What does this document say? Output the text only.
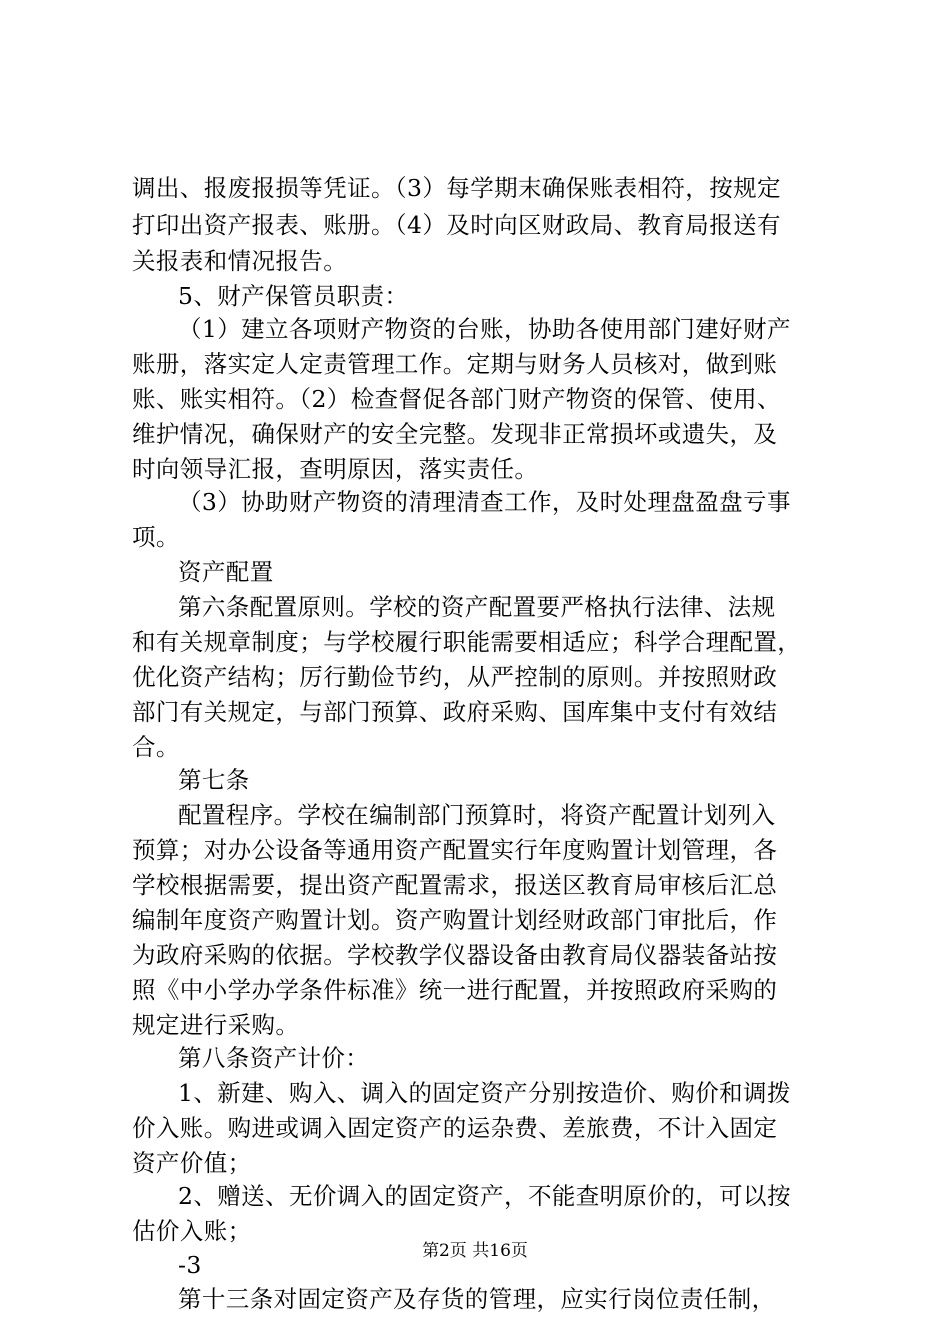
调出、报废报损等凭证。（3）每学期末确保账表相符，按规定
打印出资产报表、账册。（4）及时向区财政局、教育局报送有
关报表和情况报告。
5、财产保管员职责：
（1）建立各项财产物资的台账，协助各使用部门建好财产
账册，落实定人定责管理工作。定期与财务人员核对，做到账
账、账实相符。（2）检查督促各部门财产物资的保管、使用、
维护情况，确保财产的安全完整。发现非正常损坏或遗失，及
时向领导汇报，查明原因，落实责任。
（3）协助财产物资的清理清查工作，及时处理盘盈盘亏事
项。
资产配置
第六条配置原则。学校的资产配置要严格执行法律、法规
和有关规章制度；与学校履行职能需要相适应；科学合理配置，
优化资产结构；厉行勤俭节约，从严控制的原则。并按照财政
部门有关规定，与部门预算、政府采购、国库集中支付有效结
合。
第七条
配置程序。学校在编制部门预算时，将资产配置计划列入
预算；对办公设备等通用资产配置实行年度购置计划管理，各
学校根据需要，提出资产配置需求，报送区教育局审核后汇总
编制年度资产购置计划。资产购置计划经财政部门审批后，作
为政府采购的依据。学校教学仪器设备由教育局仪器装备站按
照《中小学办学条件标准》统一进行配置，并按照政府采购的
规定进行采购。
第八条资产计价：
1、新建、购入、调入的固定资产分别按造价、购价和调拨
价入账。购进或调入固定资产的运杂费、差旅费，不计入固定
资产价值；
2、赠送、无价调入的固定资产，不能查明原价的，可以按
估价入账；
-3
第十三条对固定资产及存货的管理，应实行岗位责任制，
第2页 共16页
